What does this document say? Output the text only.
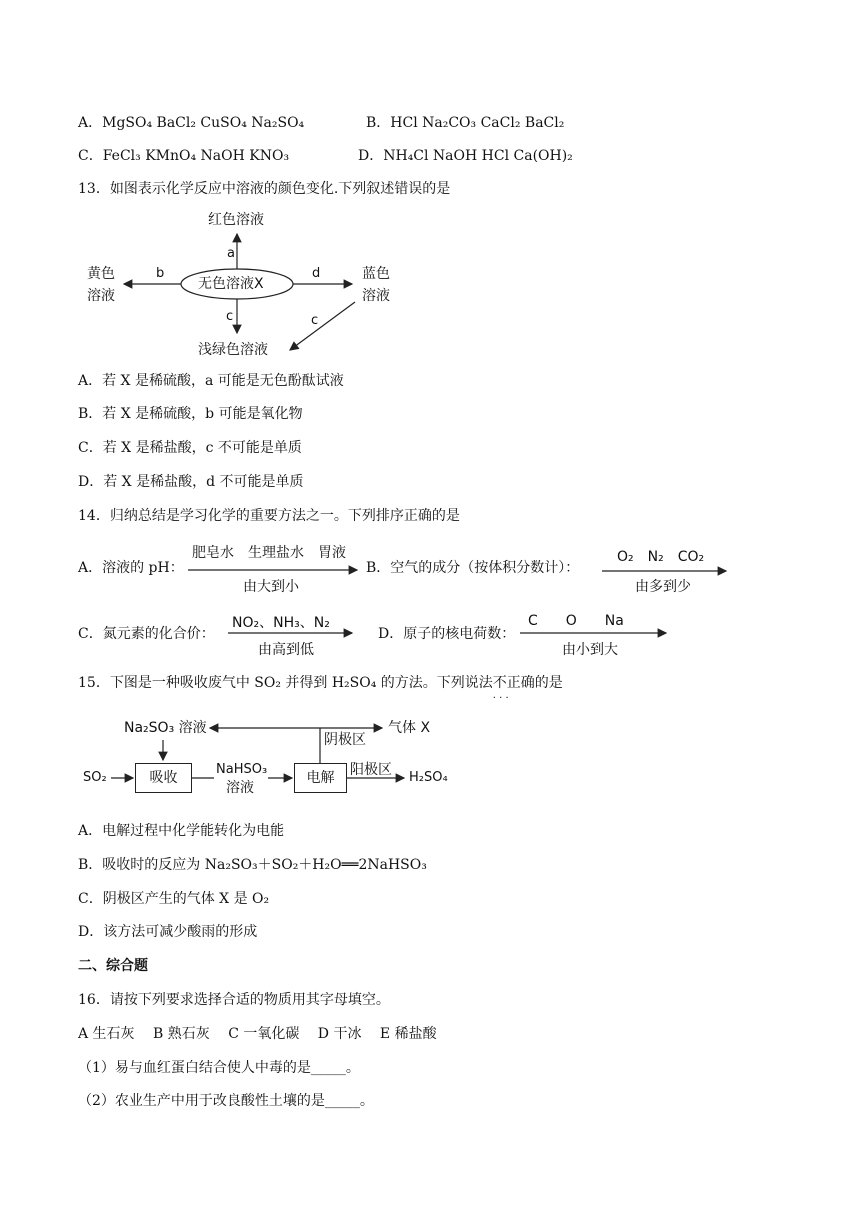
A．MgSO₄ BaCl₂ CuSO₄ Na₂SO₄	B．HCl Na₂CO₃ CaCl₂ BaCl₂
C．FeCl₃ KMnO₄ NaOH KNO₃	D．NH₄Cl NaOH HCl Ca(OH)₂
13．如图表示化学反应中溶液的颜色变化.下列叙述错误的是
红色溶液
a
黄色
溶液
b
无色溶液X
d	蓝色
溶液
c	c
浅绿色溶液
A．若 X 是稀硫酸，a 可能是无色酚酞试液
B．若 X 是稀硫酸，b 可能是氧化物
C．若 X 是稀盐酸，c 不可能是单质
D．若 X 是稀盐酸，d 不可能是单质
14．归纳总结是学习化学的重要方法之一。下列排序正确的是
A．溶液的 pH：
肥皂水　生理盐水　胃液
由大到小
B．空气的成分（按体积分数计）：
O₂　N₂　CO₂
由多到少
C．氮元素的化合价：
NO₂、NH₃、N₂
由高到低
D．原子的核电荷数：
C　　O　　Na
由小到大
15．下图是一种吸收废气中 SO₂ 并得到 H₂SO₄ 的方法。下列说法不正确 · · ·的是
Na₂SO₃ 溶液	气体 X
阴极区
SO₂	吸收
NaHSO₃
溶液
电解	阳极区 H₂SO₄
A．电解过程中化学能转化为电能
B．吸收时的反应为 Na₂SO₃＋SO₂＋H₂O══2NaHSO₃
C．阴极区产生的气体 X 是 O₂
D．该方法可减少酸雨的形成
二、综合题
16．请按下列要求选择合适的物质用其字母填空。
A 生石灰　 B 熟石灰　 C 一氧化碳　 D 干冰　 E 稀盐酸
（1）易与血红蛋白结合使人中毒的是_____。
（2）农业生产中用于改良酸性土壤的是_____。
